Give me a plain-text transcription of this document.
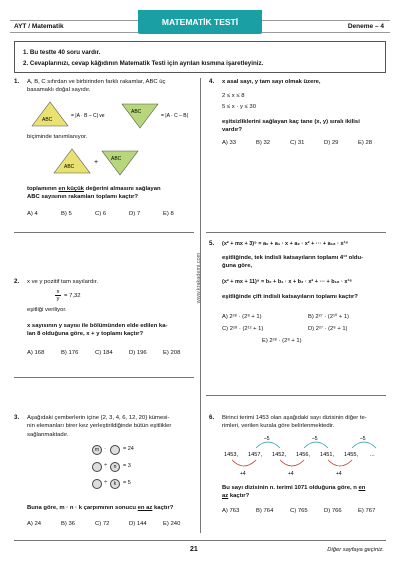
AYT / Matematik	MATEMATİK TESTİ	Deneme – 4
1. Bu testte 40 soru vardır.
2. Cevaplarınızı, cevap kâğıdının Matematik Testi için ayrılan kısmına işaretleyiniz.
www.krakademi.com
1. A, B, C sıfırdan ve birbirinden farklı rakamlar, ABC üç
basamaklı doğal sayıdır.
ABC
= |A · B – C| ve
ABC
= |A · C – B|
biçiminde tanımlanıyor.
ABC
+	ABC
toplamının en küçük değerini almasını sağlayan
ABC sayısının rakamları toplamı kaçtır?
A) 4	B) 5	C) 6	D) 7	E) 8
2. x ve y pozitif tam sayılardır.
$\frac{x}{y} = 7,32$
eşitliği veriliyor.
x sayısının y sayısı ile bölümünden elde edilen ka-
lan 8 olduğuna göre, x + y toplamı kaçtır?
A) 168	B) 176	C) 184	D) 196	E) 208
3. Aşağıdaki çemberlerin içine {2, 3, 4, 6, 12, 20} kümesi-
nin elemanları birer kez yerleştirildiğinde bütün eşitlikler
sağlanmaktadır.
m ·	= 24
÷	n	= 3
÷	k	= 5
Buna göre, m · n · k çarpımının sonucu en az kaçtır?
A) 24	B) 36	C) 72	D) 144	E) 240
4. x asal sayı, y tam sayı olmak üzere,
2 ≤ x ≤ 8
5 ≤ x · y ≤ 30
eşitsizliklerini sağlayan kaç tane (x, y) sıralı ikilisi
vardır?
A) 33	B) 32	C) 31	D) 29	E) 28
5. (x² + mx + 3)⁹ = a₀ + a₁ · x + a₂ · x² + ··· + a₁₈ · x¹⁸
eşitliğinde, tek indisli katsayıların toplamı 4¹³ oldu-
ğuna göre,
(x² + mx + 11)⁹ = b₀ + b₁ · x + b₂ · x² + ··· + b₁₈ · x¹⁸
eşitliğinde çift indisli katsayıların toplamı kaçtır?
A) 2²⁸ · (2⁸ + 1)	B) 2²⁷ · (2¹⁰ + 1)
C) 2²⁸ · (2¹² + 1)	D) 2²⁷ · (2⁸ + 1)
E) 2²⁸ · (2⁸ + 1)
6. Birinci terimi 1453 olan aşağıdaki sayı dizisinin diğer te-
rimleri, verilen kurala göre belirlenmektedir.
–5	–5	–5
1453, 1457, 1452, 1456, 1451, 1455, ...
+4	+4	+4
Bu sayı dizisinin n. terimi 1071 olduğuna göre, n en
az kaçtır?
A) 763	B) 764	C) 765	D) 766	E) 767
21	Diğer sayfaya geçiniz.
